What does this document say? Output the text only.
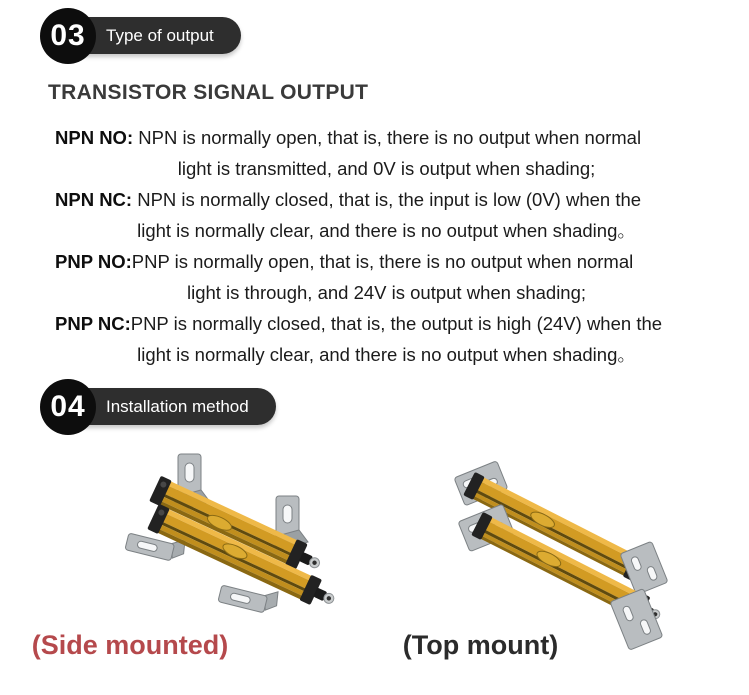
Type of output
03
TRANSISTOR SIGNAL OUTPUT

NPN NO: NPN is normally open, that is, there is no output when normal
light is transmitted, and 0V is output when shading;

NPN NC: NPN is normally closed, that is, the input is low (0V) when the
light is normally clear, and there is no output when shading。

PNP NO:PNP is normally open, that is, there is no output when normal
light is through, and 24V is output when shading;

PNP NC:PNP is normally closed, that is, the output is high (24V) when the
light is normally clear, and there is no output when shading。

Installation method
04
(Side mounted)	(Top mount)
